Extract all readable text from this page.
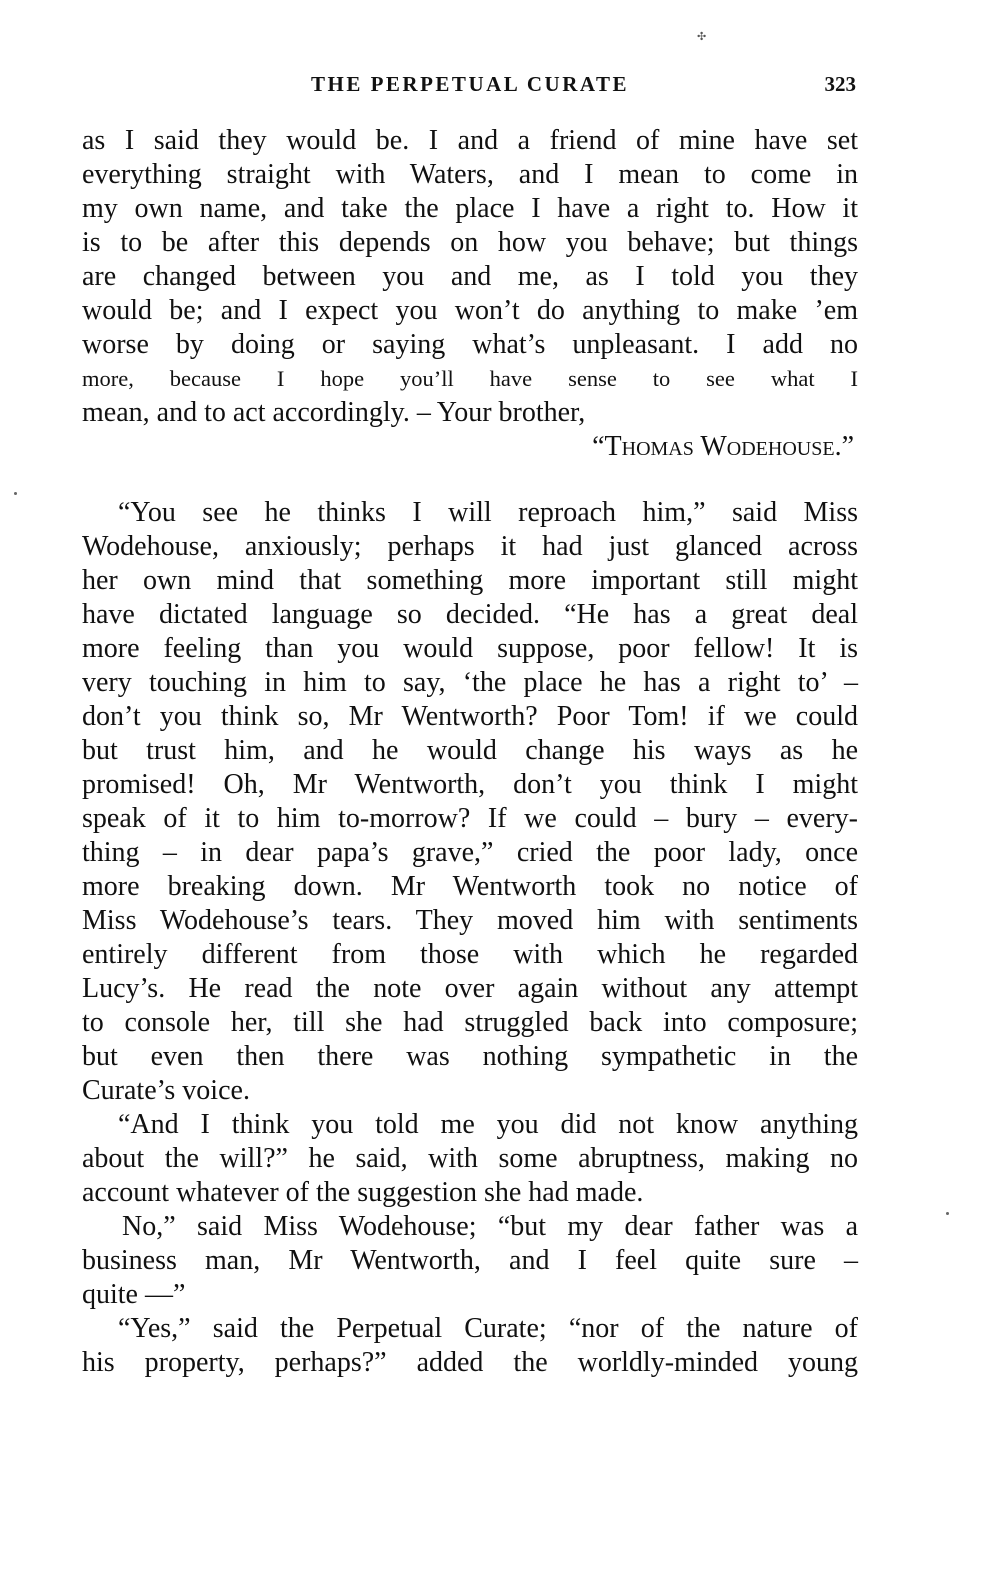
✣
THE PERPETUAL CURATE	323
as I said they would be. I and a friend of mine have set
everything straight with Waters, and I mean to come in
my own name, and take the place I have a right to. How it
is to be after this depends on how you behave; but things
are changed between you and me, as I told you they
would be; and I expect you won’t do anything to make ’em
worse by doing or saying what’s unpleasant. I add no
more, because I hope you’ll have sense to see what I
mean, and to act accordingly. – Your brother,
“Thomas Wodehouse.”
“You see he thinks I will reproach him,” said Miss
Wodehouse, anxiously; perhaps it had just glanced across
her own mind that something more important still might
have dictated language so decided. “He has a great deal
more feeling than you would suppose, poor fellow! It is
very touching in him to say, ‘the place he has a right to’ –
don’t you think so, Mr Wentworth? Poor Tom! if we could
but trust him, and he would change his ways as he
promised! Oh, Mr Wentworth, don’t you think I might
speak of it to him to-morrow? If we could – bury – every-
thing – in dear papa’s grave,” cried the poor lady, once
more breaking down. Mr Wentworth took no notice of
Miss Wodehouse’s tears. They moved him with sentiments
entirely different from those with which he regarded
Lucy’s. He read the note over again without any attempt
to console her, till she had struggled back into composure;
but even then there was nothing sympathetic in the
Curate’s voice.
“And I think you told me you did not know anything
about the will?” he said, with some abruptness, making no
account whatever of the suggestion she had made.
No,” said Miss Wodehouse; “but my dear father was a
business man, Mr Wentworth, and I feel quite sure –
quite —”
“Yes,” said the Perpetual Curate; “nor of the nature of
his property, perhaps?” added the worldly-minded young
